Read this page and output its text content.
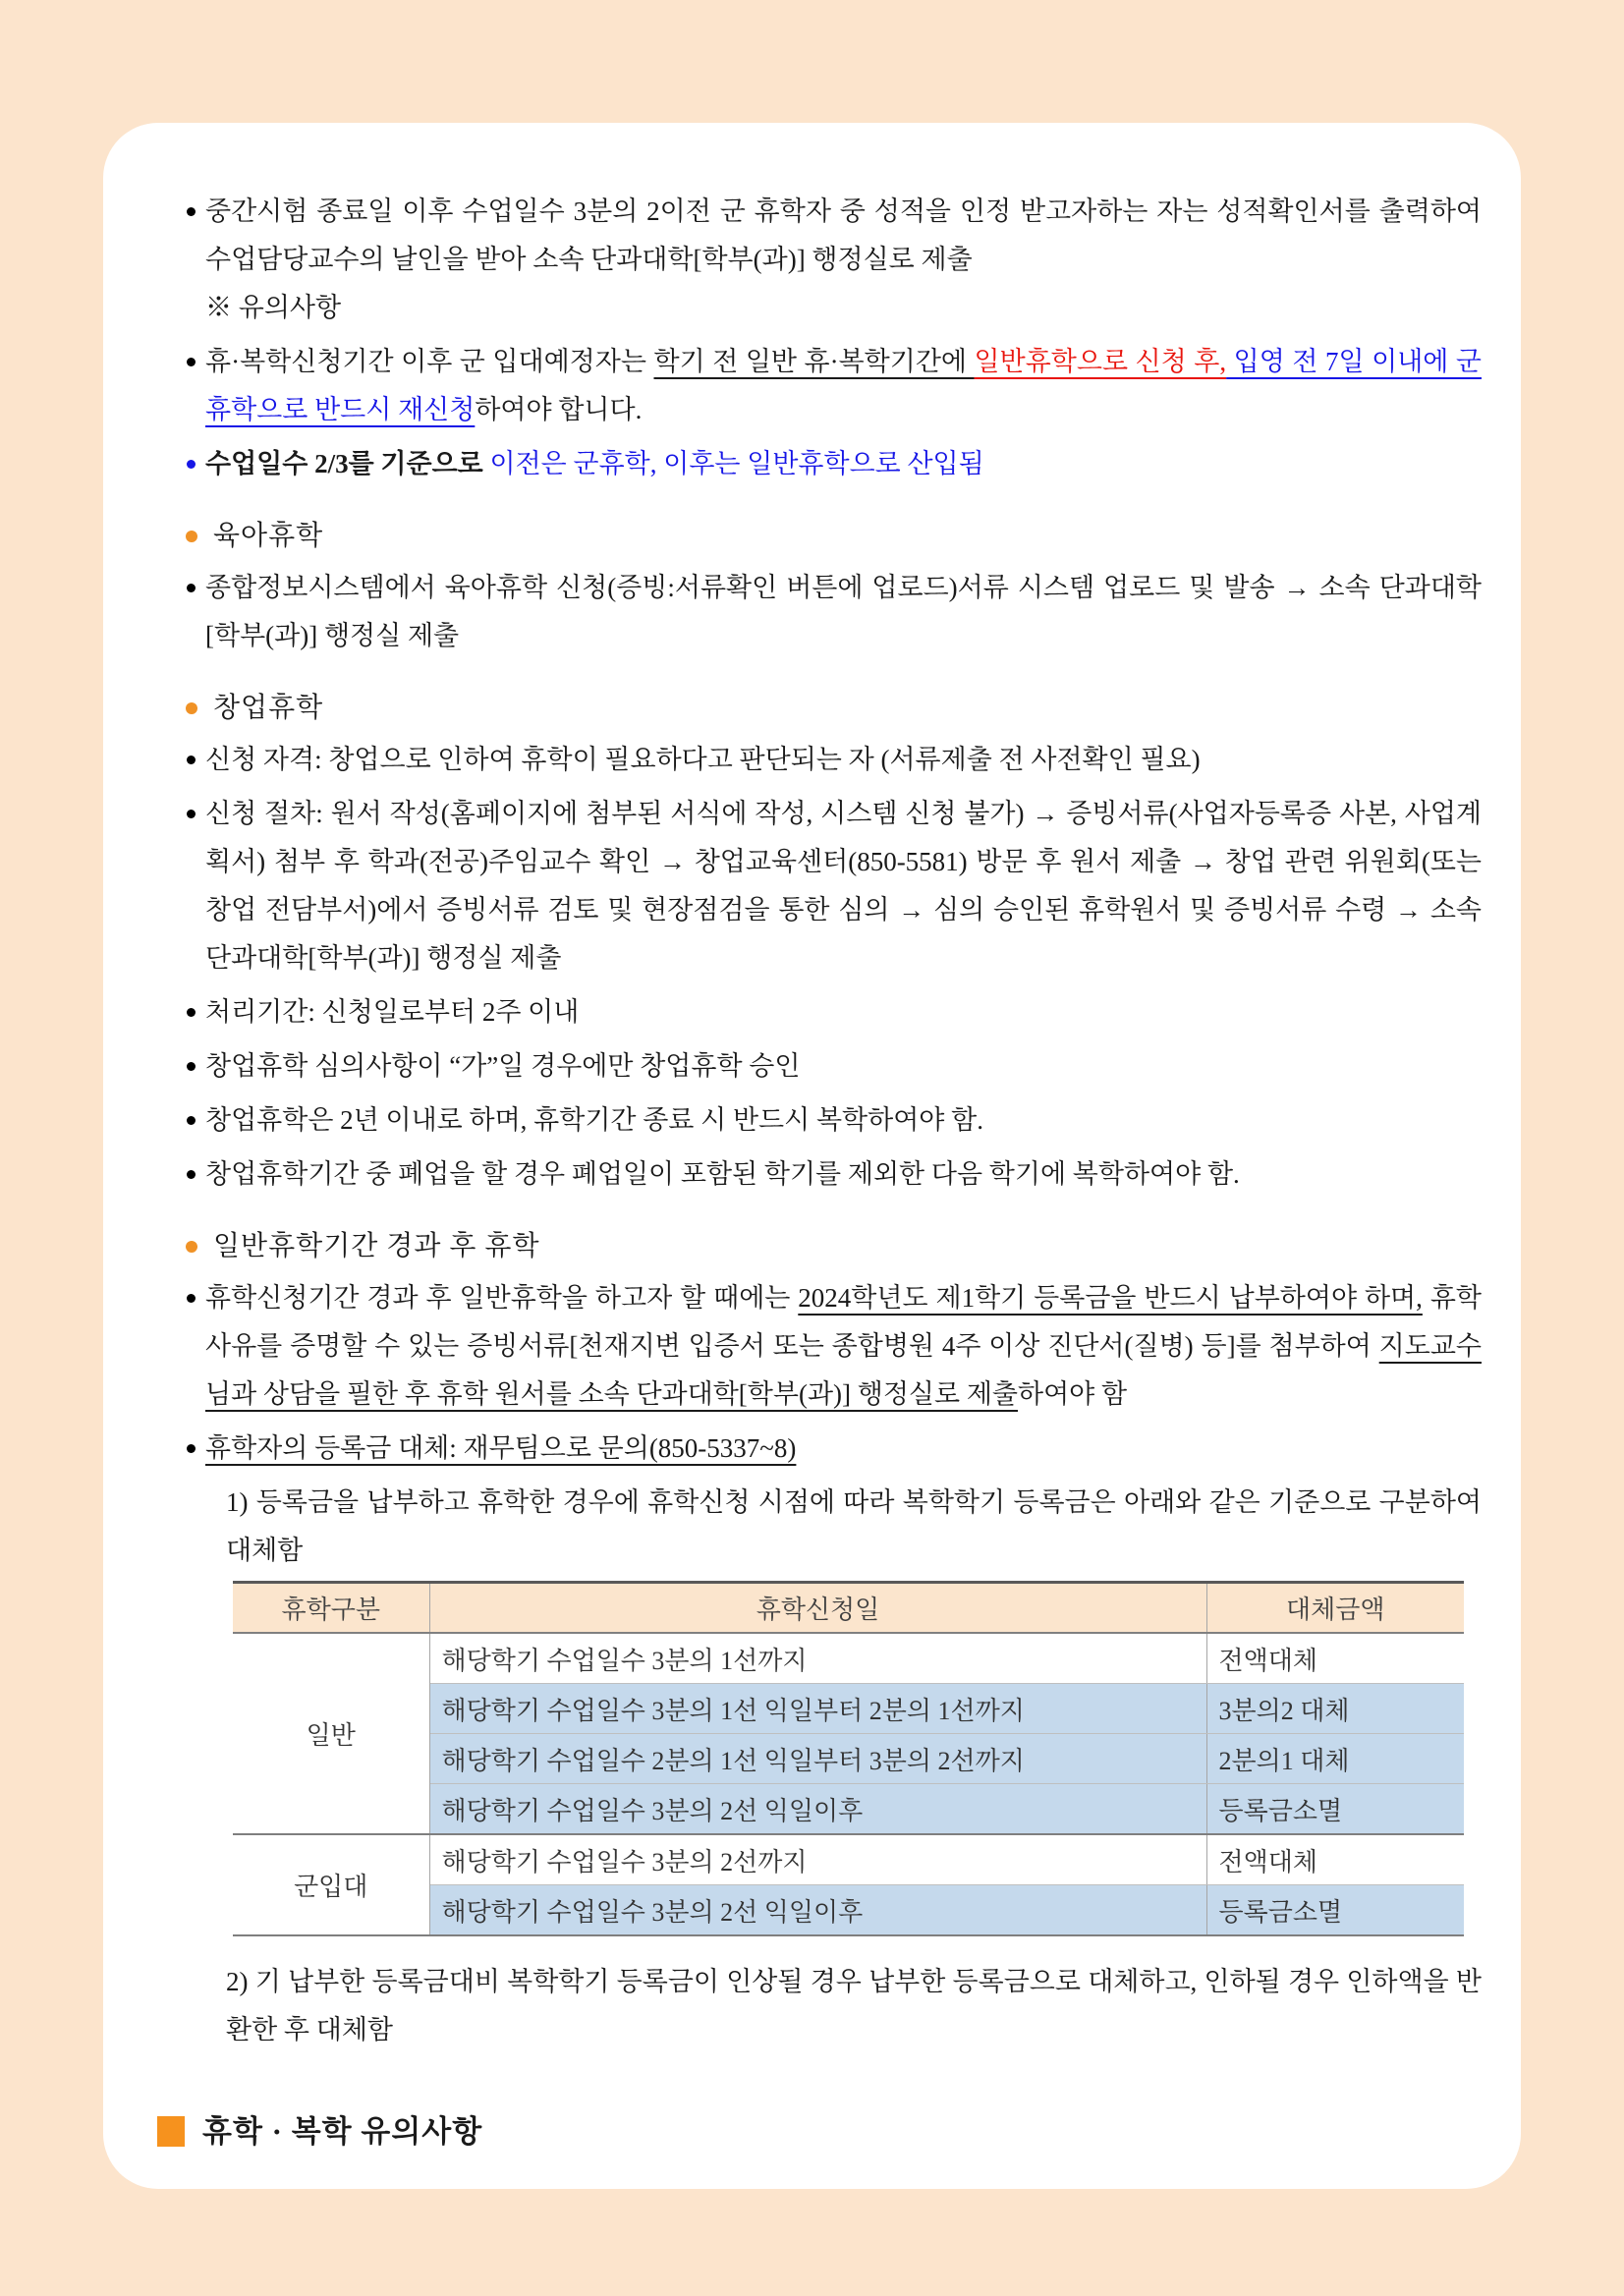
중간시험 종료일 이후 수업일수 3분의 2이전 군 휴학자 중 성적을 인정 받고자하는 자는 성적확인서를 출력하여 수업담당교수의 날인을 받아 소속 단과대학[학부(과)] 행정실로 제출
※ 유의사항
휴·복학신청기간 이후 군 입대예정자는 학기 전 일반 휴·복학기간에 일반휴학으로 신청 후, 입영 전 7일 이내에 군 휴학으로 반드시 재신청하여야 합니다.
수업일수 2/3를 기준으로 이전은 군휴학, 이후는 일반휴학으로 산입됨
육아휴학
종합정보시스템에서 육아휴학 신청(증빙:서류확인 버튼에 업로드)서류 시스템 업로드 및 발송 → 소속 단과대학[학부(과)] 행정실 제출
창업휴학
신청 자격: 창업으로 인하여 휴학이 필요하다고 판단되는 자 (서류제출 전 사전확인 필요)
신청 절차: 원서 작성(홈페이지에 첨부된 서식에 작성, 시스템 신청 불가) → 증빙서류(사업자등록증 사본, 사업계획서) 첨부 후 학과(전공)주임교수 확인 → 창업교육센터(850-5581) 방문 후 원서 제출 → 창업 관련 위원회(또는 창업 전담부서)에서 증빙서류 검토 및 현장점검을 통한 심의 → 심의 승인된 휴학원서 및 증빙서류 수령 → 소속 단과대학[학부(과)] 행정실 제출
처리기간: 신청일로부터 2주 이내
창업휴학 심의사항이 “가”일 경우에만 창업휴학 승인
창업휴학은 2년 이내로 하며, 휴학기간 종료 시 반드시 복학하여야 함.
창업휴학기간 중 폐업을 할 경우 폐업일이 포함된 학기를 제외한 다음 학기에 복학하여야 함.
일반휴학기간 경과 후 휴학
휴학신청기간 경과 후 일반휴학을 하고자 할 때에는 2024학년도 제1학기 등록금을 반드시 납부하여야 하며, 휴학사유를 증명할 수 있는 증빙서류[천재지변 입증서 또는 종합병원 4주 이상 진단서(질병) 등]를 첨부하여 지도교수님과 상담을 필한 후 휴학 원서를 소속 단과대학[학부(과)] 행정실로 제출하여야 함
휴학자의 등록금 대체: 재무팀으로 문의(850-5337~8)
1) 등록금을 납부하고 휴학한 경우에 휴학신청 시점에 따라 복학학기 등록금은 아래와 같은 기준으로 구분하여 대체함
휴학구분	휴학신청일	대체금액
일반	해당학기 수업일수 3분의 1선까지	전액대체
	해당학기 수업일수 3분의 1선 익일부터 2분의 1선까지	3분의2 대체
	해당학기 수업일수 2분의 1선 익일부터 3분의 2선까지	2분의1 대체
	해당학기 수업일수 3분의 2선 익일이후	등록금소멸
군입대	해당학기 수업일수 3분의 2선까지	전액대체
	해당학기 수업일수 3분의 2선 익일이후	등록금소멸
2) 기 납부한 등록금대비 복학학기 등록금이 인상될 경우 납부한 등록금으로 대체하고, 인하될 경우 인하액을 반환한 후 대체함
휴학 · 복학 유의사항
